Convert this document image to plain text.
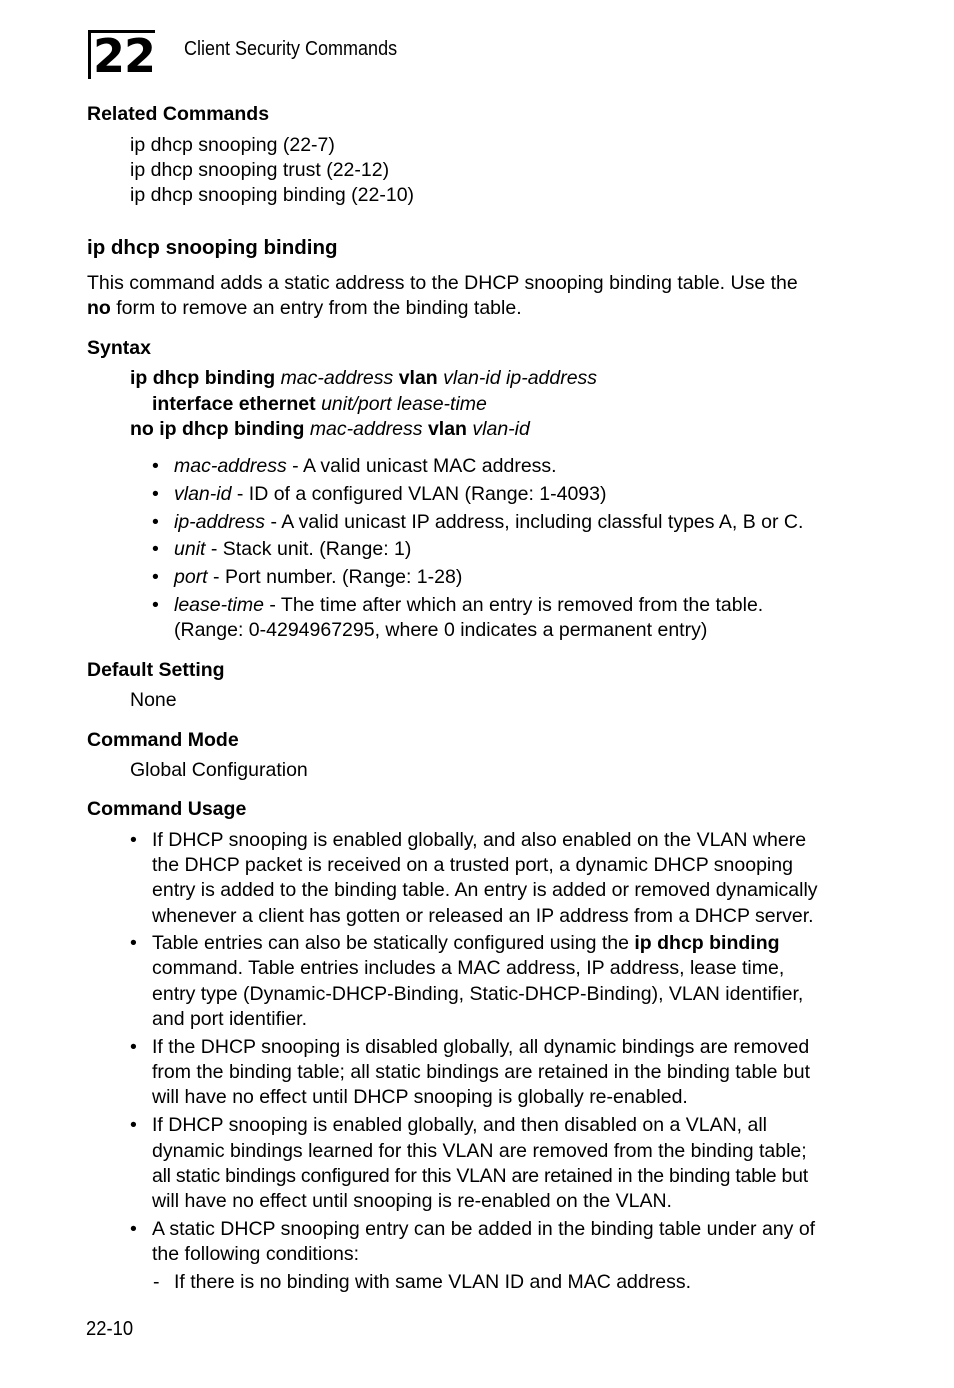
22 Client Security Commands
Related Commands
ip dhcp snooping (22-7)
ip dhcp snooping trust (22-12)
ip dhcp snooping binding (22-10)
ip dhcp snooping binding
This command adds a static address to the DHCP snooping binding table. Use the
no form to remove an entry from the binding table.
Syntax
ip dhcp binding mac-address vlan vlan-id ip-address
interface ethernet unit/port lease-time
no ip dhcp binding mac-address vlan vlan-id
• mac-address - A valid unicast MAC address.
• vlan-id - ID of a configured VLAN (Range: 1-4093)
• ip-address - A valid unicast IP address, including classful types A, B or C.
• unit - Stack unit. (Range: 1)
• port - Port number. (Range: 1-28)
• lease-time - The time after which an entry is removed from the table.
(Range: 0-4294967295, where 0 indicates a permanent entry)
Default Setting
None
Command Mode
Global Configuration
Command Usage
• If DHCP snooping is enabled globally, and also enabled on the VLAN where
the DHCP packet is received on a trusted port, a dynamic DHCP snooping
entry is added to the binding table. An entry is added or removed dynamically
whenever a client has gotten or released an IP address from a DHCP server.
• Table entries can also be statically configured using the ip dhcp binding
command. Table entries includes a MAC address, IP address, lease time,
entry type (Dynamic-DHCP-Binding, Static-DHCP-Binding), VLAN identifier,
and port identifier.
• If the DHCP snooping is disabled globally, all dynamic bindings are removed
from the binding table; all static bindings are retained in the binding table but
will have no effect until DHCP snooping is globally re-enabled.
• If DHCP snooping is enabled globally, and then disabled on a VLAN, all
dynamic bindings learned for this VLAN are removed from the binding table;
all static bindings configured for this VLAN are retained in the binding table but
will have no effect until snooping is re-enabled on the VLAN.
• A static DHCP snooping entry can be added in the binding table under any of
the following conditions:
- If there is no binding with same VLAN ID and MAC address.
22-10
